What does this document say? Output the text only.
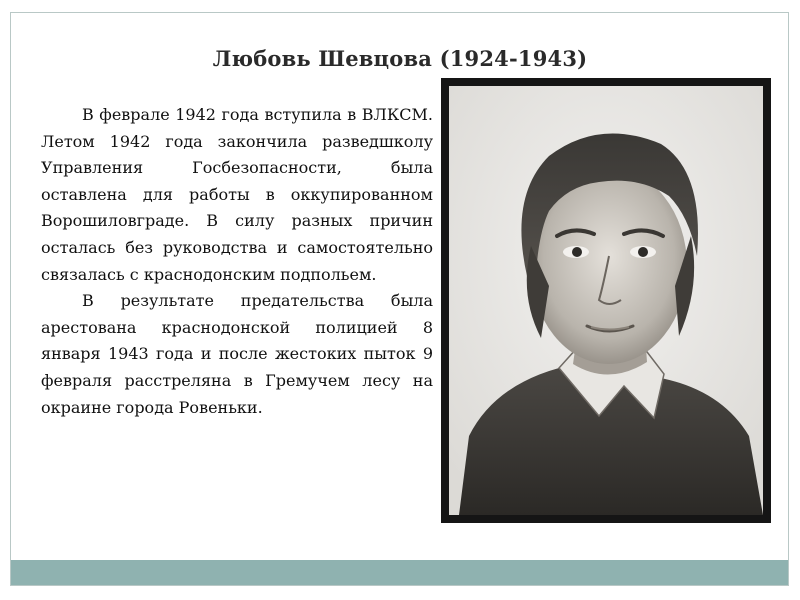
Любовь Шевцова (1924-1943)

В феврале 1942 года вступила в ВЛКСМ. Летом 1942 года закончила разведшколу Управления Госбезопасности, была оставлена для работы в оккупированном Ворошиловграде. В силу разных причин осталась без руководства и самостоятельно связалась с краснодонским подпольем.

В результате предательства была арестована краснодонской полицией 8 января 1943 года и после жестоких пыток 9 февраля расстреляна в Гремучем лесу на окраине города Ровеньки.
